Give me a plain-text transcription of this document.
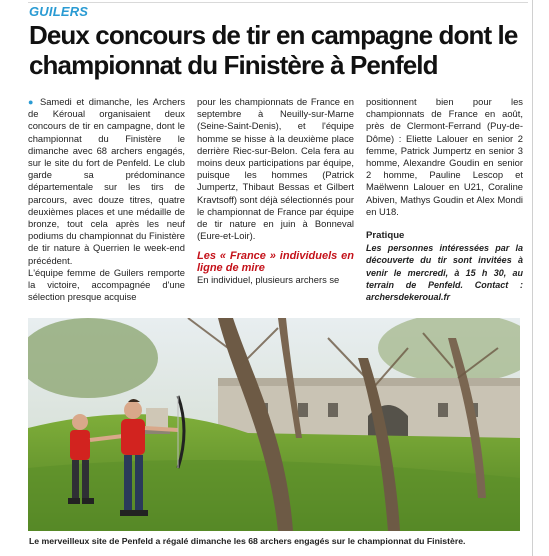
GUILERS
Deux concours de tir en campagne dont le championnat du Finistère à Penfeld

● Samedi et dimanche, les Archers de Kéroual organisaient deux concours de tir en campagne, dont le championnat du Finistère le dimanche avec 68 archers engagés, sur le site du fort de Penfeld. Le club garde sa prédominance départementale sur les tirs de parcours, avec douze titres, quatre deuxièmes places et une médaille de bronze, tout cela après les neuf podiums du championnat du Finistère de tir nature à Querrien le week-end précédent.

L'équipe femme de Guilers remporte la victoire, accompagnée d'une sélection presque acquise

pour les championnats de France en septembre à Neuilly-sur-Marne (Seine-Saint-Denis), et l'équipe homme se hisse à la deuxième place derrière Riec-sur-Belon. Cela fera au moins deux participations par équipe, puisque les hommes (Patrick Jumpertz, Thibaut Bessas et Gilbert Kravtsoff) sont déjà sélectionnés pour le championnat de France par équipe de tir nature en juin à Bonneval (Eure-et-Loir).

Les « France » individuels en ligne de mire

En individuel, plusieurs archers se

positionnent bien pour les championnats de France en août, près de Clermont-Ferrand (Puy-de-Dôme) : Eliette Lalouer en senior 2 femme, Patrick Jumpertz en senior 3 homme, Alexandre Goudin en senior 2 homme, Pauline Lescop et Maëlwenn Lalouer en U21, Coraline Abiven, Mathys Goudin et Alex Mondi en U18.

Pratique

Les personnes intéressées par la découverte du tir sont invitées à venir le mercredi, à 15 h 30, au terrain de Penfeld. Contact : archersdekeroual.fr

Le merveilleux site de Penfeld a régalé dimanche les 68 archers engagés sur le championnat du Finistère.
